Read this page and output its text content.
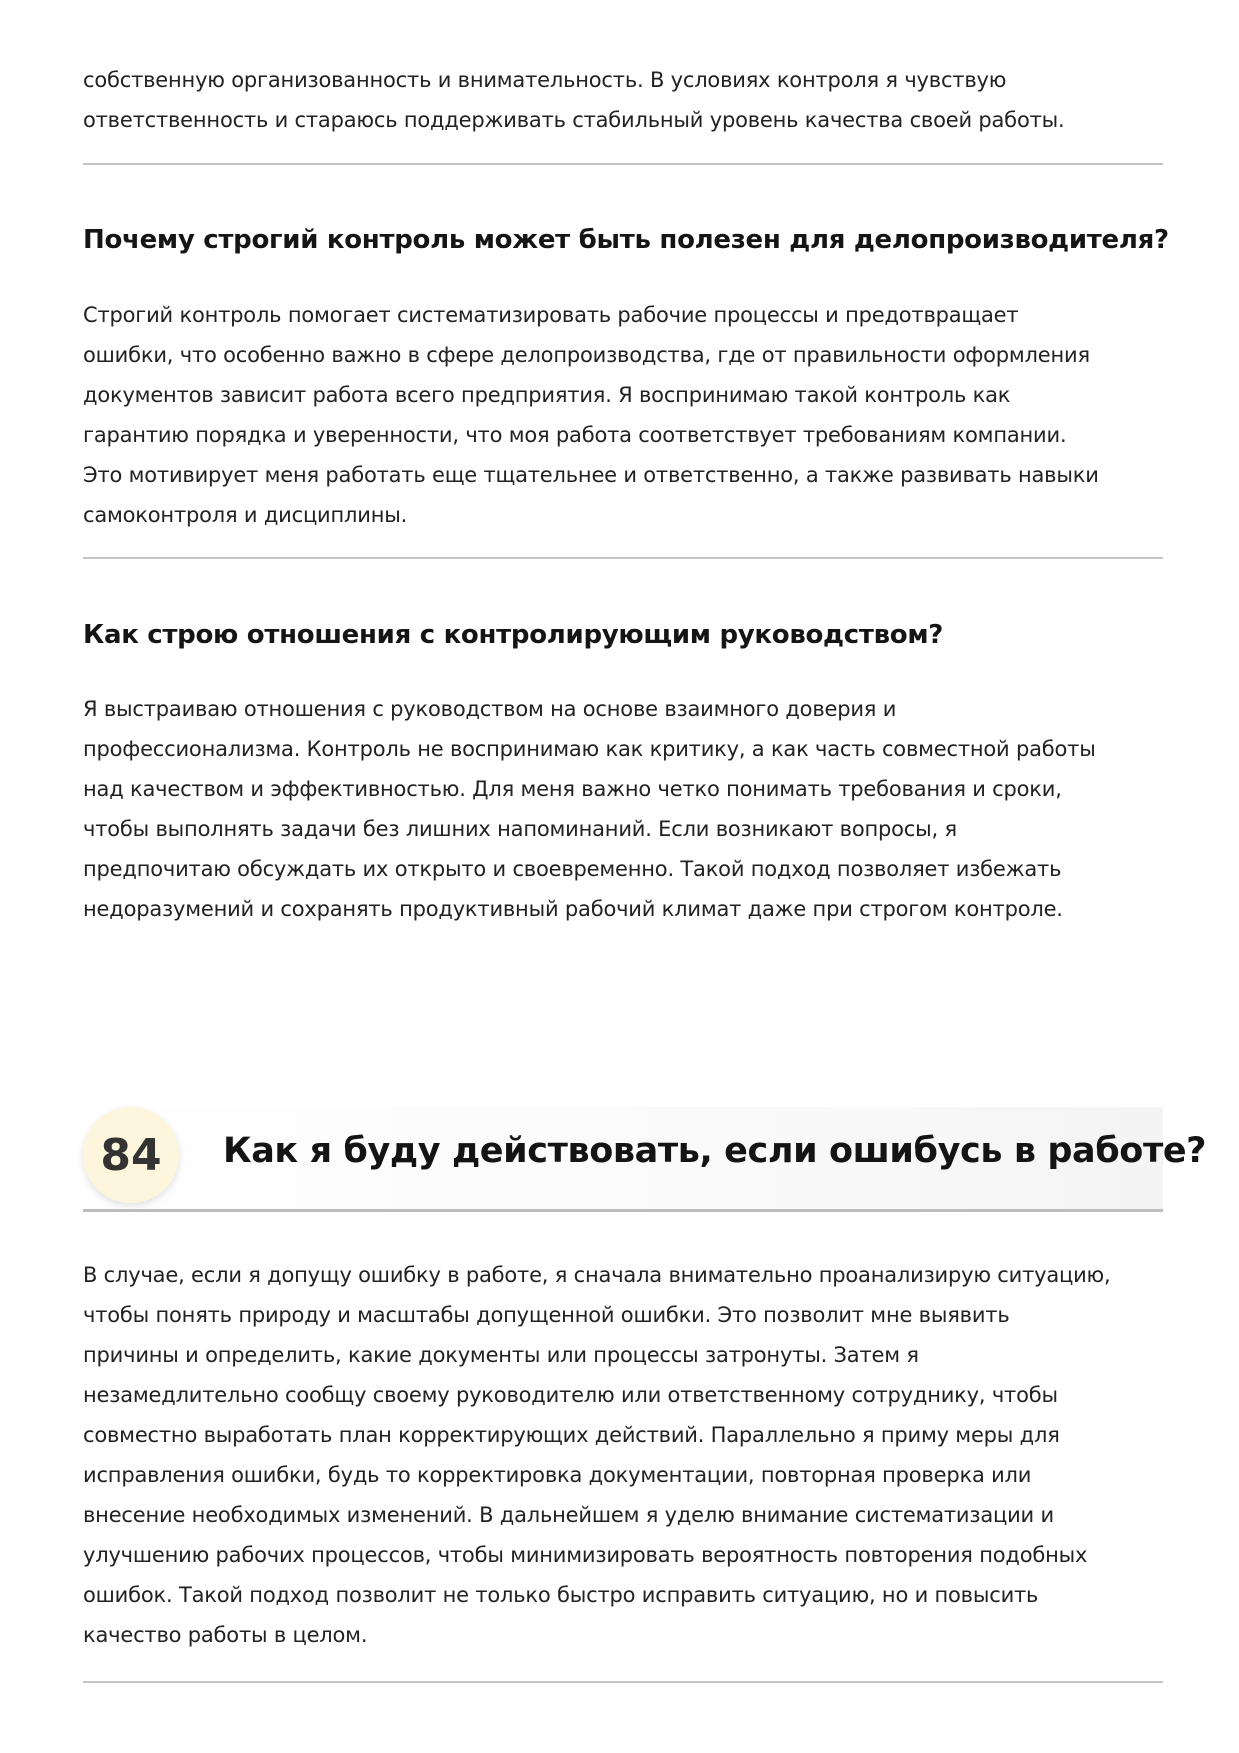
собственную организованность и внимательность. В условиях контроля я чувствую
ответственность и стараюсь поддерживать стабильный уровень качества своей работы.

Почему строгий контроль может быть полезен для делопроизводителя?

Строгий контроль помогает систематизировать рабочие процессы и предотвращает
ошибки, что особенно важно в сфере делопроизводства, где от правильности оформления
документов зависит работа всего предприятия. Я воспринимаю такой контроль как
гарантию порядка и уверенности, что моя работа соответствует требованиям компании.
Это мотивирует меня работать еще тщательнее и ответственно, а также развивать навыки
самоконтроля и дисциплины.

Как строю отношения с контролирующим руководством?

Я выстраиваю отношения с руководством на основе взаимного доверия и
профессионализма. Контроль не воспринимаю как критику, а как часть совместной работы
над качеством и эффективностью. Для меня важно четко понимать требования и сроки,
чтобы выполнять задачи без лишних напоминаний. Если возникают вопросы, я
предпочитаю обсуждать их открыто и своевременно. Такой подход позволяет избежать
недоразумений и сохранять продуктивный рабочий климат даже при строгом контроле.

84	Как я буду действовать, если ошибусь в работе?

В случае, если я допущу ошибку в работе, я сначала внимательно проанализирую ситуацию,
чтобы понять природу и масштабы допущенной ошибки. Это позволит мне выявить
причины и определить, какие документы или процессы затронуты. Затем я
незамедлительно сообщу своему руководителю или ответственному сотруднику, чтобы
совместно выработать план корректирующих действий. Параллельно я приму меры для
исправления ошибки, будь то корректировка документации, повторная проверка или
внесение необходимых изменений. В дальнейшем я уделю внимание систематизации и
улучшению рабочих процессов, чтобы минимизировать вероятность повторения подобных
ошибок. Такой подход позволит не только быстро исправить ситуацию, но и повысить
качество работы в целом.
